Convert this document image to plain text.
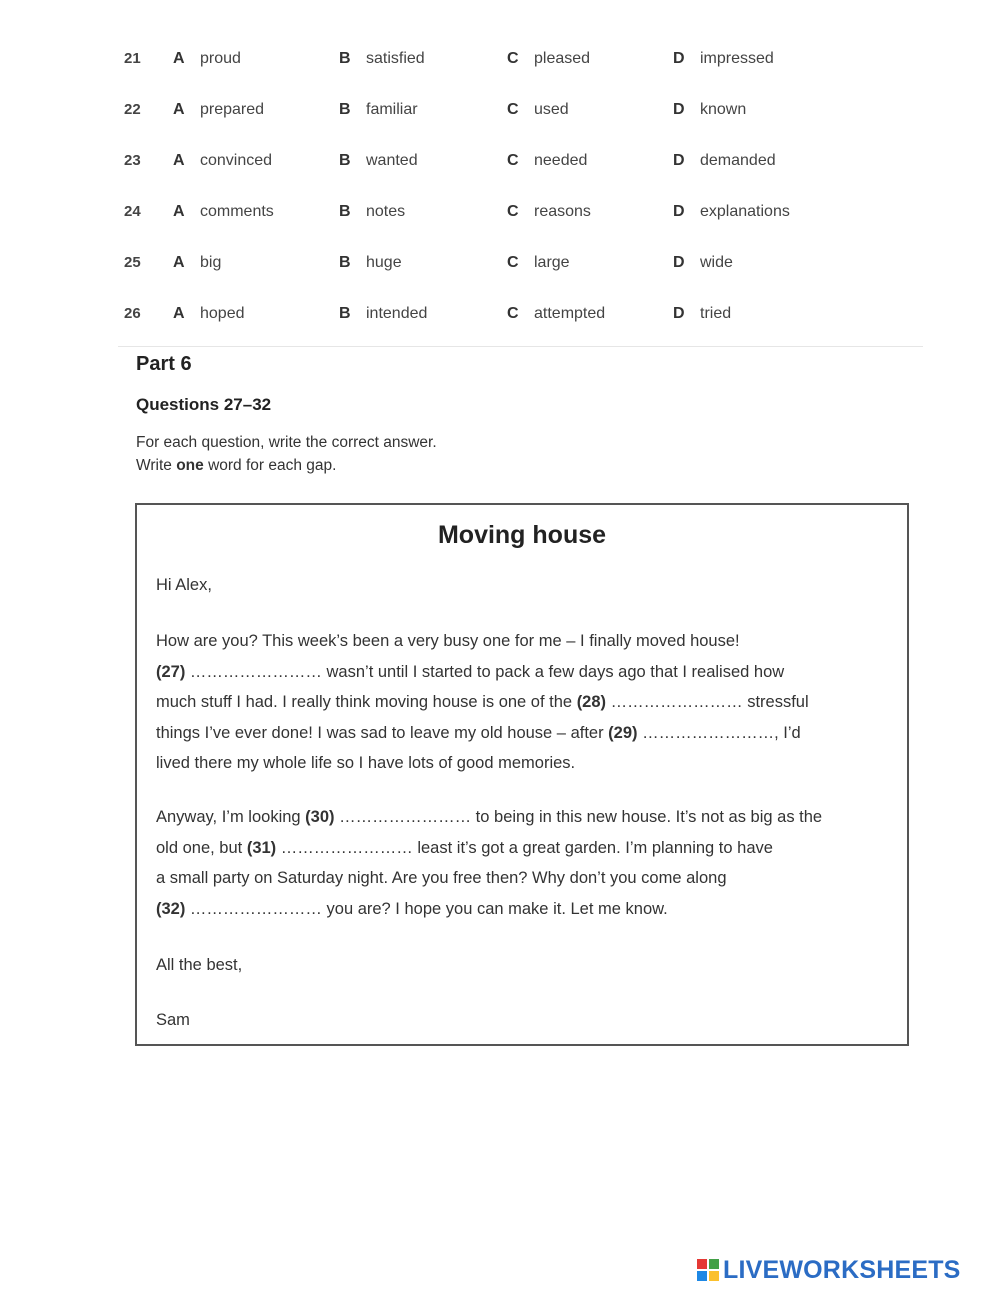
21 A proud	B satisfied	C pleased	D impressed
22 A prepared	B familiar	C used	D known
23 A convinced	B wanted	C needed	D demanded
24 A comments	B notes	C reasons	D explanations
25 A big	B huge	C large	D wide
26 A hoped	B intended	C attempted	D tried
Part 6
Questions 27–32
For each question, write the correct answer.
Write one word for each gap.
Moving house
Hi Alex,
How are you? This week’s been a very busy one for me – I finally moved house!
(27) …………………… wasn’t until I started to pack a few days ago that I realised how
much stuff I had. I really think moving house is one of the (28) …………………… stressful
things I’ve ever done! I was sad to leave my old house – after (29) ……………………, I’d
lived there my whole life so I have lots of good memories.
Anyway, I’m looking (30) …………………… to being in this new house. It’s not as big as the
old one, but (31) …………………… least it’s got a great garden. I’m planning to have
a small party on Saturday night. Are you free then? Why don’t you come along
(32) …………………… you are? I hope you can make it. Let me know.
All the best,
Sam
LIVEWORKSHEETS
